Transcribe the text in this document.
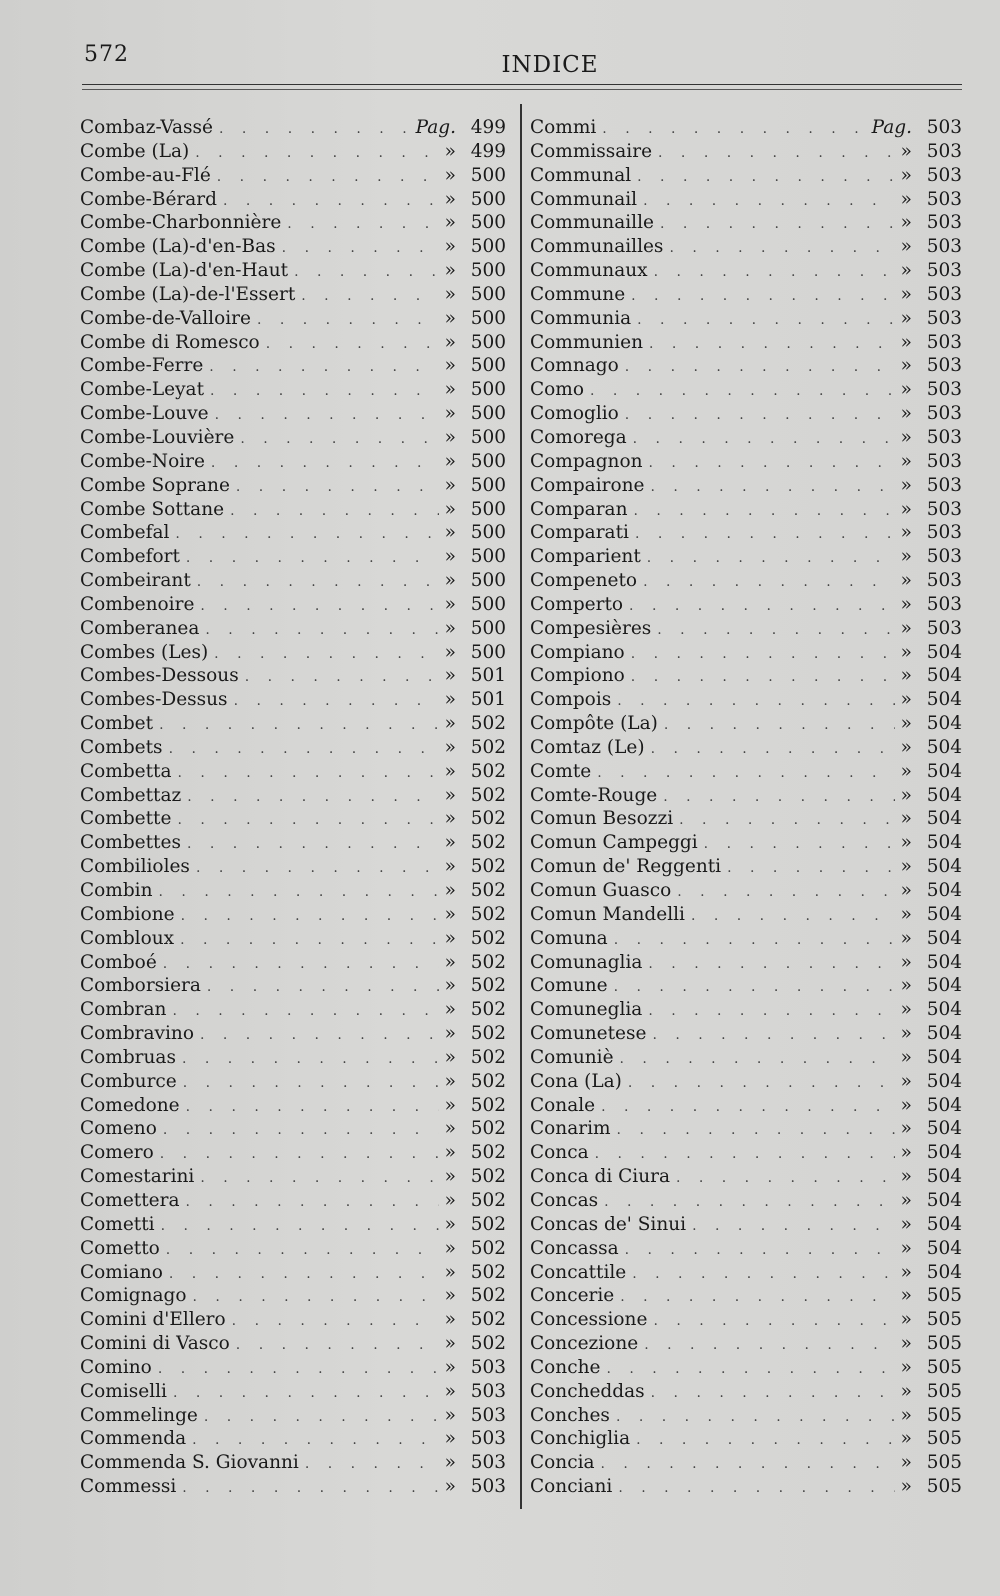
572	INDICE
Combaz-Vassé . . .	Pag. 499
Combe (La) . . .	» 499
Combe-au-Flé . . .	» 500
Combe-Bérard . . .	» 500
Combe-Charbonnière . . .	» 500
Combe (La)-d'en-Bas . . .	» 500
Combe (La)-d'en-Haut . . .	» 500
Combe (La)-de-l'Essert . . .	» 500
Combe-de-Valloire . . .	» 500
Combe di Romesco . . .	» 500
Combe-Ferre . . .	» 500
Combe-Leyat . . .	» 500
Combe-Louve . . .	» 500
Combe-Louvière . . .	» 500
Combe-Noire . . .	» 500
Combe Soprane . . .	» 500
Combe Sottane . . .	» 500
Combefal . . .	» 500
Combefort . . .	» 500
Combeirant . . .	» 500
Combenoire . . .	» 500
Comberanea . . .	» 500
Combes (Les) . . .	» 500
Combes-Dessous . . .	» 501
Combes-Dessus . . .	» 501
Combet . . .	» 502
Combets . . .	» 502
Combetta . . .	» 502
Combettaz . . .	» 502
Combette . . .	» 502
Combettes . . .	» 502
Combilioles . . .	» 502
Combin . . .	» 502
Combione . . .	» 502
Combloux . . .	» 502
Comboé . . .	» 502
Comborsiera . . .	» 502
Combran . . .	» 502
Combravino . . .	» 502
Combruas . . .	» 502
Comburce . . .	» 502
Comedone . . .	» 502
Comeno . . .	» 502
Comero . . .	» 502
Comestarini . . .	» 502
Comettera . . .	» 502
Cometti . . .	» 502
Cometto . . .	» 502
Comiano . . .	» 502
Comignago . . .	» 502
Comini d'Ellero . . .	» 502
Comini di Vasco . . .	» 502
Comino . . .	» 503
Comiselli . . .	» 503
Commelinge . . .	» 503
Commenda . . .	» 503
Commenda S. Giovanni . . .	» 503
Commessi . . .	» 503
Commi . . .	Pag. 503
Commissaire . . .	» 503
Communal . . .	» 503
Communail . . .	» 503
Communaille . . .	» 503
Communailles . . .	» 503
Communaux . . .	» 503
Commune . . .	» 503
Communia . . .	» 503
Communien . . .	» 503
Comnago . . .	» 503
Como . . .	» 503
Comoglio . . .	» 503
Comorega . . .	» 503
Compagnon . . .	» 503
Compairone . . .	» 503
Comparan . . .	» 503
Comparati . . .	» 503
Comparient . . .	» 503
Compeneto . . .	» 503
Comperto . . .	» 503
Compesières . . .	» 503
Compiano . . .	» 504
Compiono . . .	» 504
Compois . . .	» 504
Compôte (La) . . .	» 504
Comtaz (Le) . . .	» 504
Comte . . .	» 504
Comte-Rouge . . .	» 504
Comun Besozzi . . .	» 504
Comun Campeggi . . .	» 504
Comun de' Reggenti . . .	» 504
Comun Guasco . . .	» 504
Comun Mandelli . . .	» 504
Comuna . . .	» 504
Comunaglia . . .	» 504
Comune . . .	» 504
Comuneglia . . .	» 504
Comunetese . . .	» 504
Comuniè . . .	» 504
Cona (La) . . .	» 504
Conale . . .	» 504
Conarim . . .	» 504
Conca . . .	» 504
Conca di Ciura . . .	» 504
Concas . . .	» 504
Concas de' Sinui . . .	» 504
Concassa . . .	» 504
Concattile . . .	» 504
Concerie . . .	» 505
Concessione . . .	» 505
Concezione . . .	» 505
Conche . . .	» 505
Concheddas . . .	» 505
Conches . . .	» 505
Conchiglia . . .	» 505
Concia . . .	» 505
Conciani . . .	» 505
